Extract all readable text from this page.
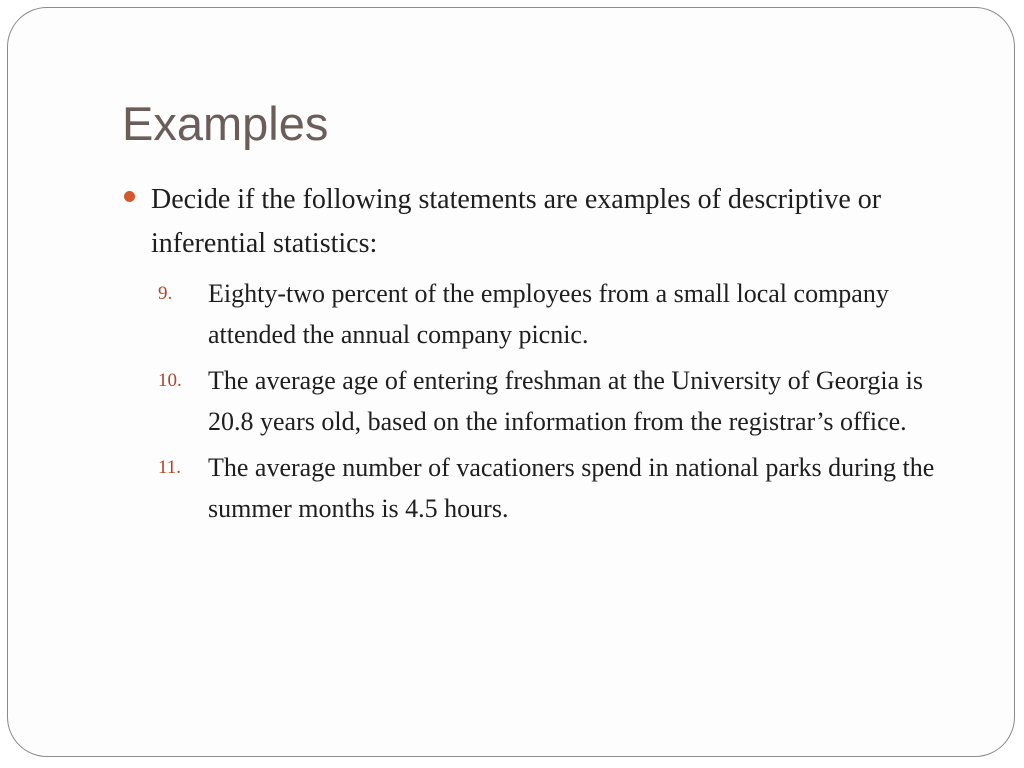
Examples
Decide if the following statements are examples of descriptive or inferential statistics:
9. Eighty-two percent of the employees from a small local company attended the annual company picnic.
10. The average age of entering freshman at the University of Georgia is 20.8 years old, based on the information from the registrar’s office.
11. The average number of vacationers spend in national parks during the summer months is 4.5 hours.
